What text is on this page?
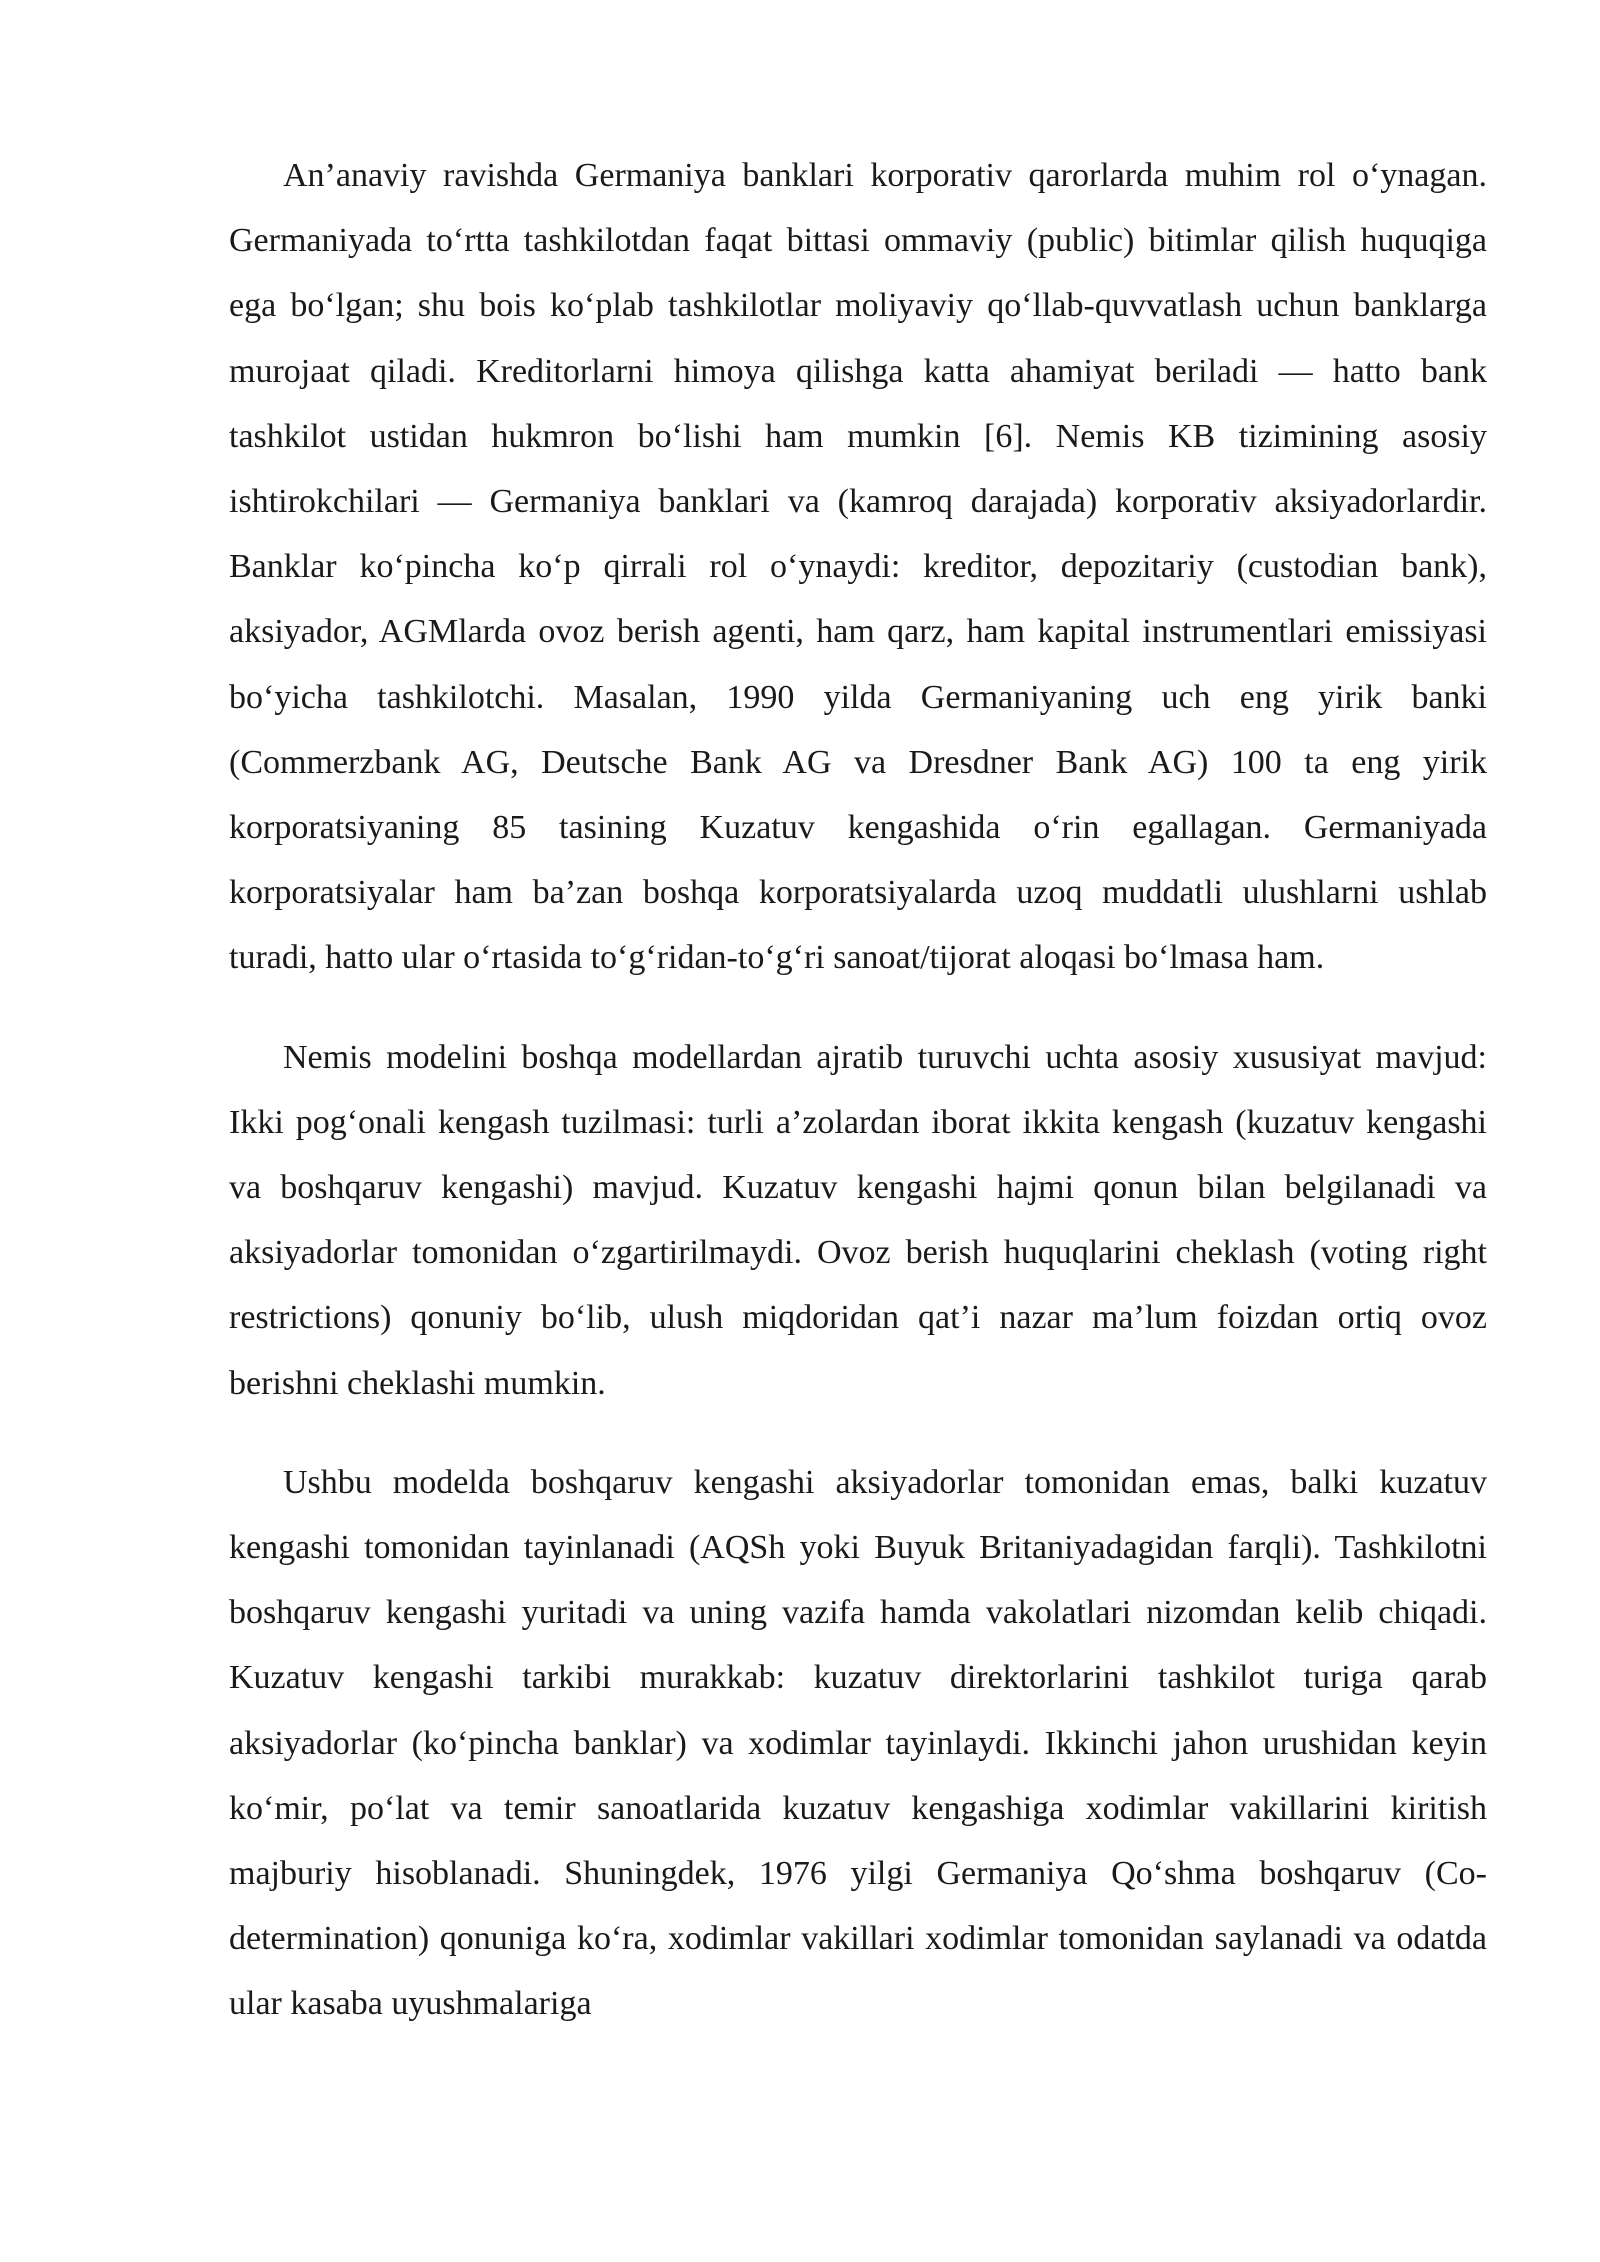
An’anaviy ravishda Germaniya banklari korporativ qarorlarda muhim rol o‘ynagan. Germaniyada to‘rtta tashkilotdan faqat bittasi ommaviy (public) bitimlar qilish huquqiga ega bo‘lgan; shu bois ko‘plab tashkilotlar moliyaviy qo‘llab-quvvatlash uchun banklarga murojaat qiladi. Kreditorlarni himoya qilishga katta ahamiyat beriladi — hatto bank tashkilot ustidan hukmron bo‘lishi ham mumkin [6]. Nemis KB tizimining asosiy ishtirokchilari — Germaniya banklari va (kamroq darajada) korporativ aksiyadorlardir. Banklar ko‘pincha ko‘p qirrali rol o‘ynaydi: kreditor, depozitariy (custodian bank), aksiyador, AGMlarda ovoz berish agenti, ham qarz, ham kapital instrumentlari emissiyasi bo‘yicha tashkilotchi. Masalan, 1990 yilda Germaniyaning uch eng yirik banki (Commerzbank AG, Deutsche Bank AG va Dresdner Bank AG) 100 ta eng yirik korporatsiyaning 85 tasining Kuzatuv kengashida o‘rin egallagan. Germaniyada korporatsiyalar ham ba’zan boshqa korporatsiyalarda uzoq muddatli ulushlarni ushlab turadi, hatto ular o‘rtasida to‘g‘ridan-to‘g‘ri sanoat/tijorat aloqasi bo‘lmasa ham.

Nemis modelini boshqa modellardan ajratib turuvchi uchta asosiy xususiyat mavjud: Ikki pog‘onali kengash tuzilmasi: turli a’zolardan iborat ikkita kengash (kuzatuv kengashi va boshqaruv kengashi) mavjud. Kuzatuv kengashi hajmi qonun bilan belgilanadi va aksiyadorlar tomonidan o‘zgartirilmaydi. Ovoz berish huquqlarini cheklash (voting right restrictions) qonuniy bo‘lib, ulush miqdoridan qat’i nazar ma’lum foizdan ortiq ovoz berishni cheklashi mumkin.

Ushbu modelda boshqaruv kengashi aksiyadorlar tomonidan emas, balki kuzatuv kengashi tomonidan tayinlanadi (AQSh yoki Buyuk Britaniyadagidan farqli). Tashkilotni boshqaruv kengashi yuritadi va uning vazifa hamda vakolatlari nizomdan kelib chiqadi. Kuzatuv kengashi tarkibi murakkab: kuzatuv direktorlarini tashkilot turiga qarab aksiyadorlar (ko‘pincha banklar) va xodimlar tayinlaydi. Ikkinchi jahon urushidan keyin ko‘mir, po‘lat va temir sanoatlarida kuzatuv kengashiga xodimlar vakillarini kiritish majburiy hisoblanadi. Shuningdek, 1976 yilgi Germaniya Qo‘shma boshqaruv (Co-determination) qonuniga ko‘ra, xodimlar vakillari xodimlar tomonidan saylanadi va odatda ular kasaba uyushmalariga
